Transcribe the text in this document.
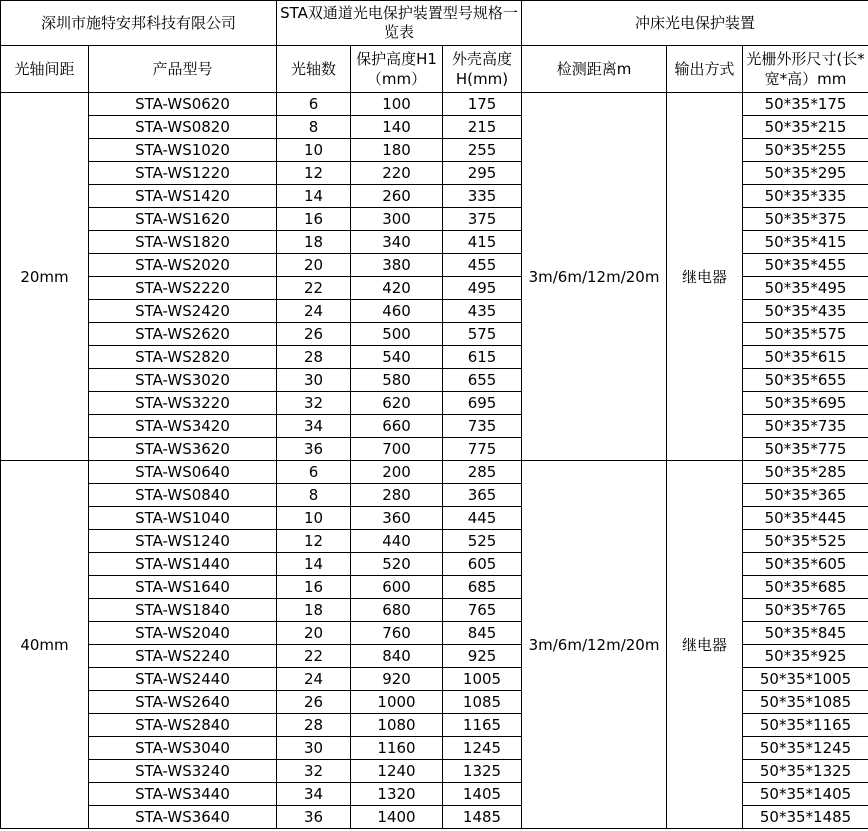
深圳市施特安邦科技有限公司		STA双通道光电保护装置型号规格一览表			冲床光电保护装置		
光轴间距	产品型号	光轴数	保护高度H1（mm）	外壳高度H(mm)	检测距离m	输出方式	光栅外形尺寸(长*宽*高）mm
20mm	STA-WS0620	6	100	175	3m/6m/12m/20m	继电器	50*35*175
	STA-WS0820	8	140	215			50*35*215
	STA-WS1020	10	180	255			50*35*255
	STA-WS1220	12	220	295			50*35*295
	STA-WS1420	14	260	335			50*35*335
	STA-WS1620	16	300	375			50*35*375
	STA-WS1820	18	340	415			50*35*415
	STA-WS2020	20	380	455			50*35*455
	STA-WS2220	22	420	495			50*35*495
	STA-WS2420	24	460	435			50*35*435
	STA-WS2620	26	500	575			50*35*575
	STA-WS2820	28	540	615			50*35*615
	STA-WS3020	30	580	655			50*35*655
	STA-WS3220	32	620	695			50*35*695
	STA-WS3420	34	660	735			50*35*735
	STA-WS3620	36	700	775			50*35*775
40mm	STA-WS0640	6	200	285	3m/6m/12m/20m	继电器	50*35*285
	STA-WS0840	8	280	365			50*35*365
	STA-WS1040	10	360	445			50*35*445
	STA-WS1240	12	440	525			50*35*525
	STA-WS1440	14	520	605			50*35*605
	STA-WS1640	16	600	685			50*35*685
	STA-WS1840	18	680	765			50*35*765
	STA-WS2040	20	760	845			50*35*845
	STA-WS2240	22	840	925			50*35*925
	STA-WS2440	24	920	1005			50*35*1005
	STA-WS2640	26	1000	1085			50*35*1085
	STA-WS2840	28	1080	1165			50*35*1165
	STA-WS3040	30	1160	1245			50*35*1245
	STA-WS3240	32	1240	1325			50*35*1325
	STA-WS3440	34	1320	1405			50*35*1405
	STA-WS3640	36	1400	1485			50*35*1485
